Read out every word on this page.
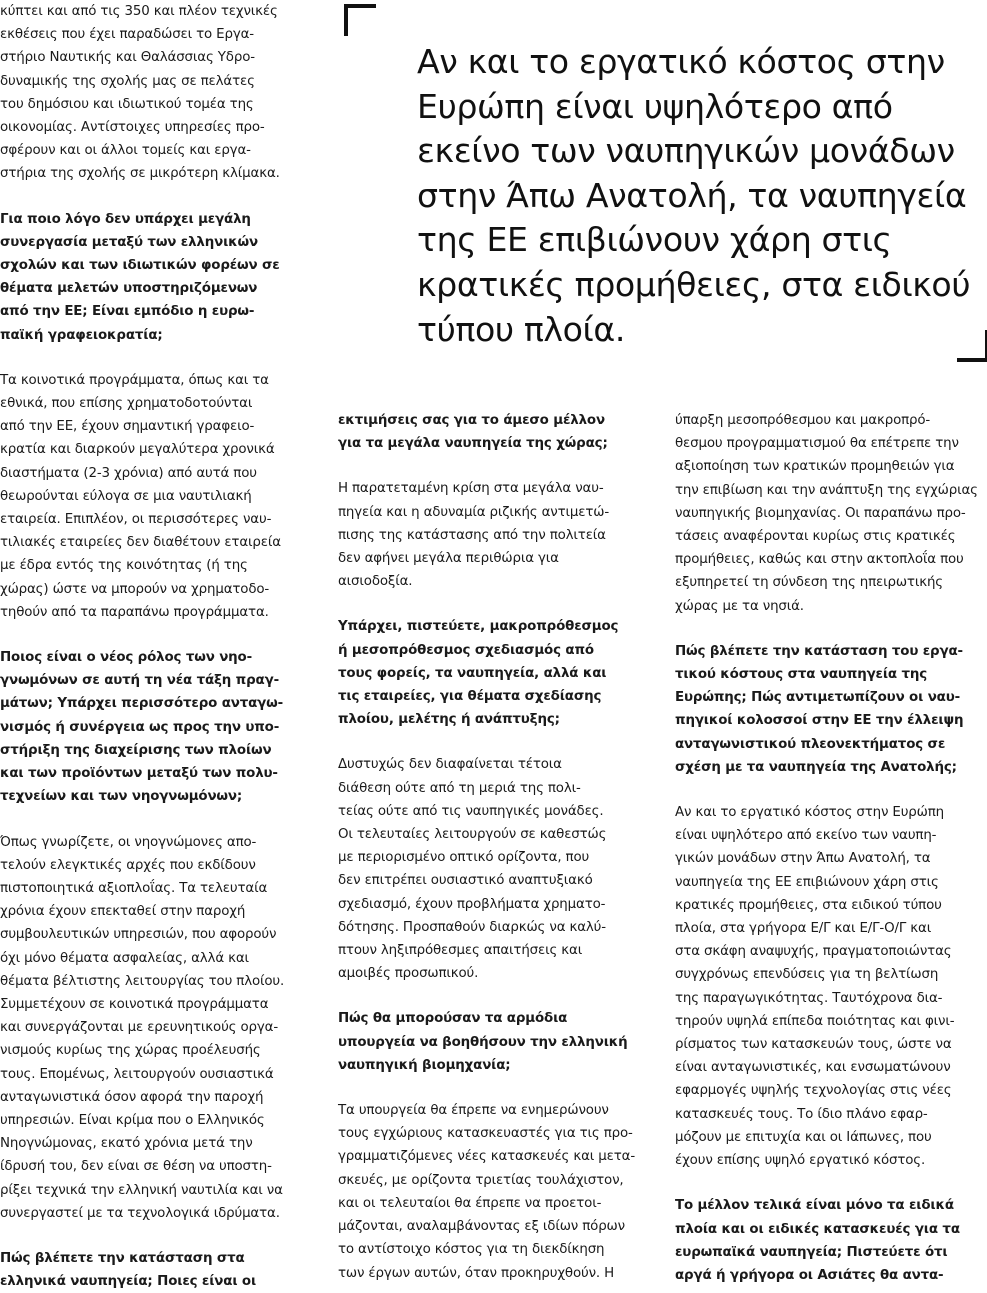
Αν και το εργατικό κόστος στην
Ευρώπη είναι υψηλότερο από
εκείνο των ναυπηγικών μονάδων
στην Άπω Ανατολή, τα ναυπηγεία
της ΕΕ επιβιώνουν χάρη στις
κρατικές προμήθειες, στα ειδικού
τύπου πλοία.

κύπτει και από τις 350 και πλέον τεχνικές
εκθέσεις που έχει παραδώσει το Εργα-
στήριο Ναυτικής και Θαλάσσιας Υδρο-
δυναμικής της σχολής μας σε πελάτες
του δημόσιου και ιδιωτικού τομέα της
οικονομίας. Αντίστοιχες υπηρεσίες προ-
σφέρουν και οι άλλοι τομείς και εργα-
στήρια της σχολής σε μικρότερη κλίμακα.

Για ποιο λόγο δεν υπάρχει μεγάλη
συνεργασία μεταξύ των ελληνικών
σχολών και των ιδιωτικών φορέων σε
θέματα μελετών υποστηριζόμενων
από την ΕΕ; Είναι εμπόδιο η ευρω-
παϊκή γραφειοκρατία;

Τα κοινοτικά προγράμματα, όπως και τα
εθνικά, που επίσης χρηματοδοτούνται
από την ΕΕ, έχουν σημαντική γραφειο-
κρατία και διαρκούν μεγαλύτερα χρονικά
διαστήματα (2-3 χρόνια) από αυτά που
θεωρούνται εύλογα σε μια ναυτιλιακή
εταιρεία. Επιπλέον, οι περισσότερες ναυ-
τιλιακές εταιρείες δεν διαθέτουν εταιρεία
με έδρα εντός της κοινότητας (ή της
χώρας) ώστε να μπορούν να χρηματοδο-
τηθούν από τα παραπάνω προγράμματα.

Ποιος είναι ο νέος ρόλος των νηο-
γνωμόνων σε αυτή τη νέα τάξη πραγ-
μάτων; Υπάρχει περισσότερο ανταγω-
νισμός ή συνέργεια ως προς την υπο-
στήριξη της διαχείρισης των πλοίων
και των προϊόντων μεταξύ των πολυ-
τεχνείων και των νηογνωμόνων;

Όπως γνωρίζετε, οι νηογνώμονες απο-
τελούν ελεγκτικές αρχές που εκδίδουν
πιστοποιητικά αξιοπλοΐας. Τα τελευταία
χρόνια έχουν επεκταθεί στην παροχή
συμβουλευτικών υπηρεσιών, που αφορούν
όχι μόνο θέματα ασφαλείας, αλλά και
θέματα βέλτιστης λειτουργίας του πλοίου.
Συμμετέχουν σε κοινοτικά προγράμματα
και συνεργάζονται με ερευνητικούς οργα-
νισμούς κυρίως της χώρας προέλευσής
τους. Επομένως, λειτουργούν ουσιαστικά
ανταγωνιστικά όσον αφορά την παροχή
υπηρεσιών. Είναι κρίμα που ο Ελληνικός
Νηογνώμονας, εκατό χρόνια μετά την
ίδρυσή του, δεν είναι σε θέση να υποστη-
ρίξει τεχνικά την ελληνική ναυτιλία και να
συνεργαστεί με τα τεχνολογικά ιδρύματα.

Πώς βλέπετε την κατάσταση στα
ελληνικά ναυπηγεία; Ποιες είναι οι

εκτιμήσεις σας για το άμεσο μέλλον
για τα μεγάλα ναυπηγεία της χώρας;

Η παρατεταμένη κρίση στα μεγάλα ναυ-
πηγεία και η αδυναμία ριζικής αντιμετώ-
πισης της κατάστασης από την πολιτεία
δεν αφήνει μεγάλα περιθώρια για
αισιοδοξία.

Υπάρχει, πιστεύετε, μακροπρόθεσμος
ή μεσοπρόθεσμος σχεδιασμός από
τους φορείς, τα ναυπηγεία, αλλά και
τις εταιρείες, για θέματα σχεδίασης
πλοίου, μελέτης ή ανάπτυξης;

Δυστυχώς δεν διαφαίνεται τέτοια
διάθεση ούτε από τη μεριά της πολι-
τείας ούτε από τις ναυπηγικές μονάδες.
Οι τελευταίες λειτουργούν σε καθεστώς
με περιορισμένο οπτικό ορίζοντα, που
δεν επιτρέπει ουσιαστικό αναπτυξιακό
σχεδιασμό, έχουν προβλήματα χρηματο-
δότησης. Προσπαθούν διαρκώς να καλύ-
πτουν ληξιπρόθεσμες απαιτήσεις και
αμοιβές προσωπικού.

Πώς θα μπορούσαν τα αρμόδια
υπουργεία να βοηθήσουν την ελληνική
ναυπηγική βιομηχανία;

Τα υπουργεία θα έπρεπε να ενημερώνουν
τους εγχώριους κατασκευαστές για τις προ-
γραμματιζόμενες νέες κατασκευές και μετα-
σκευές, με ορίζοντα τριετίας τουλάχιστον,
και οι τελευταίοι θα έπρεπε να προετοι-
μάζονται, αναλαμβάνοντας εξ ιδίων πόρων
το αντίστοιχο κόστος για τη διεκδίκηση
των έργων αυτών, όταν προκηρυχθούν. Η

ύπαρξη μεσοπρόθεσμου και μακροπρό-
θεσμου προγραμματισμού θα επέτρεπε την
αξιοποίηση των κρατικών προμηθειών για
την επιβίωση και την ανάπτυξη της εγχώριας
ναυπηγικής βιομηχανίας. Οι παραπάνω προ-
τάσεις αναφέρονται κυρίως στις κρατικές
προμήθειες, καθώς και στην ακτοπλοΐα που
εξυπηρετεί τη σύνδεση της ηπειρωτικής
χώρας με τα νησιά.

Πώς βλέπετε την κατάσταση του εργα-
τικού κόστους στα ναυπηγεία της
Ευρώπης; Πώς αντιμετωπίζουν οι ναυ-
πηγικοί κολοσσοί στην ΕΕ την έλλειψη
ανταγωνιστικού πλεονεκτήματος σε
σχέση με τα ναυπηγεία της Ανατολής;

Αν και το εργατικό κόστος στην Ευρώπη
είναι υψηλότερο από εκείνο των ναυπη-
γικών μονάδων στην Άπω Ανατολή, τα
ναυπηγεία της ΕΕ επιβιώνουν χάρη στις
κρατικές προμήθειες, στα ειδικού τύπου
πλοία, στα γρήγορα Ε/Γ και Ε/Γ-Ο/Γ και
στα σκάφη αναψυχής, πραγματοποιώντας
συγχρόνως επενδύσεις για τη βελτίωση
της παραγωγικότητας. Ταυτόχρονα δια-
τηρούν υψηλά επίπεδα ποιότητας και φινι-
ρίσματος των κατασκευών τους, ώστε να
είναι ανταγωνιστικές, και ενσωματώνουν
εφαρμογές υψηλής τεχνολογίας στις νέες
κατασκευές τους. Το ίδιο πλάνο εφαρ-
μόζουν με επιτυχία και οι Ιάπωνες, που
έχουν επίσης υψηλό εργατικό κόστος.

Το μέλλον τελικά είναι μόνο τα ειδικά
πλοία και οι ειδικές κατασκευές για τα
ευρωπαϊκά ναυπηγεία; Πιστεύετε ότι
αργά ή γρήγορα οι Ασιάτες θα αντα-
